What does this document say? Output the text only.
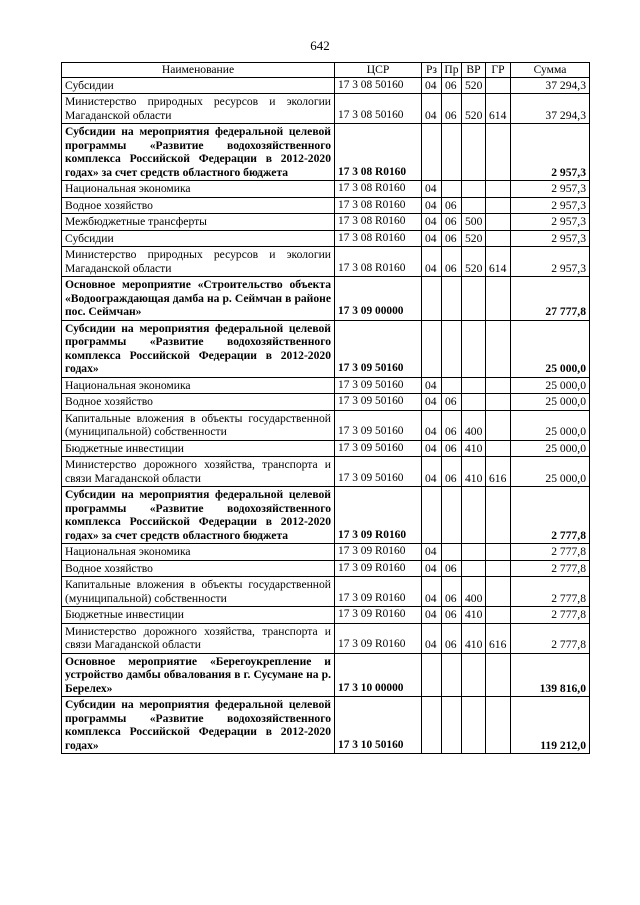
642
Наименование	ЦСР	Рз	Пр	ВР	ГР	Сумма
Субсидии	17 3 08 50160	04	06	520		37 294,3
Министерство природных ресурсов и экологии Магаданской области	17 3 08 50160	04	06	520	614	37 294,3
Субсидии на мероприятия федеральной целевой программы «Развитие водохозяйственного комплекса Российской Федерации в 2012-2020 годах» за счет средств областного бюджета	17 3 08 R0160					2 957,3
Национальная экономика	17 3 08 R0160	04				2 957,3
Водное хозяйство	17 3 08 R0160	04	06			2 957,3
Межбюджетные трансферты	17 3 08 R0160	04	06	500		2 957,3
Субсидии	17 3 08 R0160	04	06	520		2 957,3
Министерство природных ресурсов и экологии Магаданской области	17 3 08 R0160	04	06	520	614	2 957,3
Основное мероприятие «Строительство объекта «Водоограждающая дамба на р. Сеймчан в районе пос. Сеймчан»	17 3 09 00000					27 777,8
Субсидии на мероприятия федеральной целевой программы «Развитие водохозяйственного комплекса Российской Федерации в 2012-2020 годах»	17 3 09 50160					25 000,0
Национальная экономика	17 3 09 50160	04				25 000,0
Водное хозяйство	17 3 09 50160	04	06			25 000,0
Капитальные вложения в объекты государственной (муниципальной) собственности	17 3 09 50160	04	06	400		25 000,0
Бюджетные инвестиции	17 3 09 50160	04	06	410		25 000,0
Министерство дорожного хозяйства, транспорта и связи Магаданской области	17 3 09 50160	04	06	410	616	25 000,0
Субсидии на мероприятия федеральной целевой программы «Развитие водохозяйственного комплекса Российской Федерации в 2012-2020 годах» за счет средств областного бюджета	17 3 09 R0160					2 777,8
Национальная экономика	17 3 09 R0160	04				2 777,8
Водное хозяйство	17 3 09 R0160	04	06			2 777,8
Капитальные вложения в объекты государственной (муниципальной) собственности	17 3 09 R0160	04	06	400		2 777,8
Бюджетные инвестиции	17 3 09 R0160	04	06	410		2 777,8
Министерство дорожного хозяйства, транспорта и связи Магаданской области	17 3 09 R0160	04	06	410	616	2 777,8
Основное мероприятие «Берегоукрепление и устройство дамбы обвалования в г. Сусумане на р. Берелех»	17 3 10 00000					139 816,0
Субсидии на мероприятия федеральной целевой программы «Развитие водохозяйственного комплекса Российской Федерации в 2012-2020 годах»	17 3 10 50160					119 212,0
